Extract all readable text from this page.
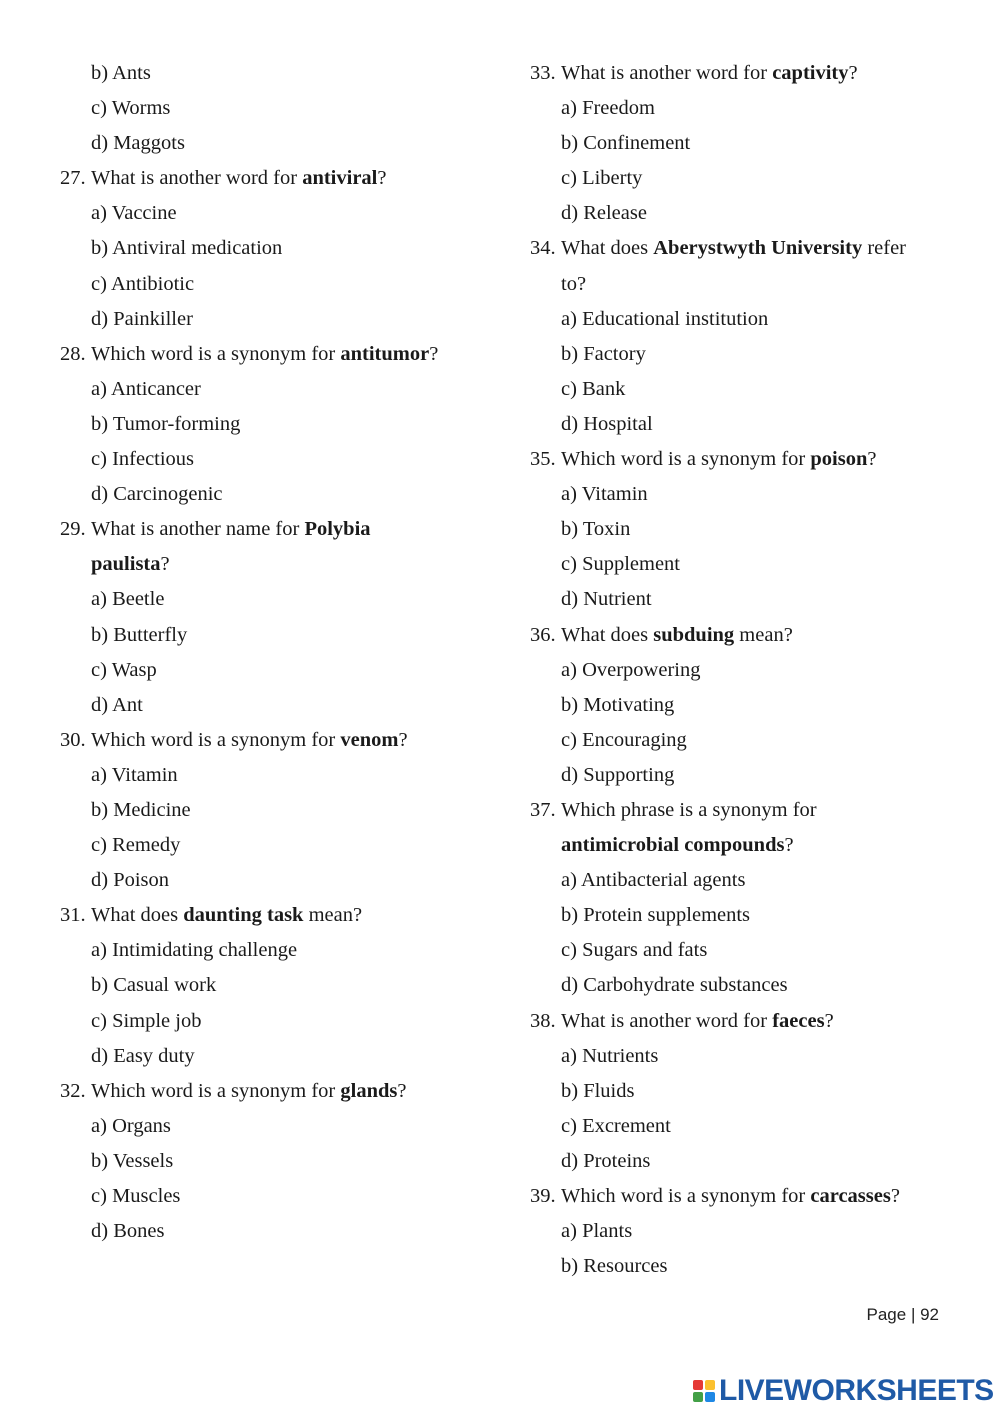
b) Ants
c) Worms
d) Maggots
27. What is another word for antiviral?
a) Vaccine
b) Antiviral medication
c) Antibiotic
d) Painkiller
28. Which word is a synonym for antitumor?
a) Anticancer
b) Tumor-forming
c) Infectious
d) Carcinogenic
29. What is another name for Polybia
paulista?
a) Beetle
b) Butterfly
c) Wasp
d) Ant
30. Which word is a synonym for venom?
a) Vitamin
b) Medicine
c) Remedy
d) Poison
31. What does daunting task mean?
a) Intimidating challenge
b) Casual work
c) Simple job
d) Easy duty
32. Which word is a synonym for glands?
a) Organs
b) Vessels
c) Muscles
d) Bones
33. What is another word for captivity?
a) Freedom
b) Confinement
c) Liberty
d) Release
34. What does Aberystwyth University refer
to?
a) Educational institution
b) Factory
c) Bank
d) Hospital
35. Which word is a synonym for poison?
a) Vitamin
b) Toxin
c) Supplement
d) Nutrient
36. What does subduing mean?
a) Overpowering
b) Motivating
c) Encouraging
d) Supporting
37. Which phrase is a synonym for
antimicrobial compounds?
a) Antibacterial agents
b) Protein supplements
c) Sugars and fats
d) Carbohydrate substances
38. What is another word for faeces?
a) Nutrients
b) Fluids
c) Excrement
d) Proteins
39. Which word is a synonym for carcasses?
a) Plants
b) Resources
Page | 92
LIVEWORKSHEETS
